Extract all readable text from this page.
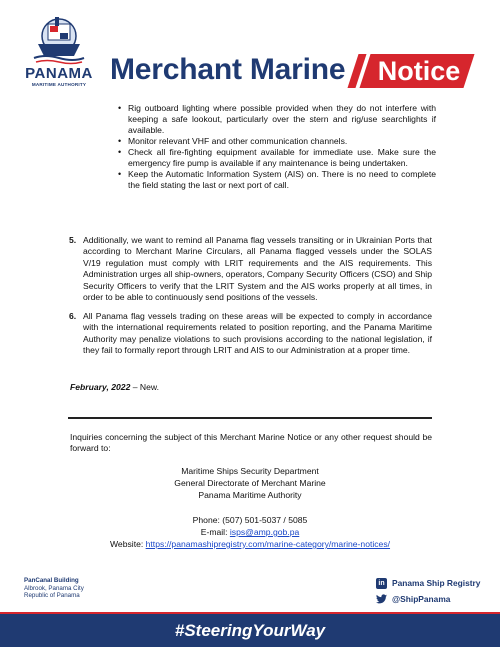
PANAMA
MARITIME AUTHORITY Merchant Marine Notice
• Rig outboard lighting where possible provided when they do not interfere with keeping a safe lookout, particularly over the stern and rig/use searchlights if available.
• Monitor relevant VHF and other communication channels.
• Check all fire-fighting equipment available for immediate use. Make sure the emergency fire pump is available if any maintenance is being undertaken.
• Keep the Automatic Information System (AIS) on. There is no need to complete the field stating the last or next port of call.
5. Additionally, we want to remind all Panama flag vessels transiting or in Ukrainian Ports that according to Merchant Marine Circulars, all Panama flagged vessels under the SOLAS V/19 regulation must comply with LRIT requirements and the AIS requirements. This Administration urges all ship-owners, operators, Company Security Officers (CSO) and Ship Security Officers to verify that the LRIT System and the AIS works properly at all times, in order to be able to continuously send positions of the vessels.
6. All Panama flag vessels trading on these areas will be expected to comply in accordance with the international requirements related to position reporting, and the Panama Maritime Authority may penalize violations to such provisions according to the national legislation, if they fail to formally report through LRIT and AIS to our Administration at a proper time.
February, 2022 – New.
Inquiries concerning the subject of this Merchant Marine Notice or any other request should be forward to:
Maritime Ships Security Department
General Directorate of Merchant Marine
Panama Maritime Authority
Phone: (507) 501-5037 / 5085
E-mail: isps@amp.gob.pa
Website: https://panamashipregistry.com/marine-category/marine-notices/
PanCanal Building
Albrook, Panama City
Republic of Panama
in Panama Ship Registry
@ShipPanama
#SteeringYourWay
